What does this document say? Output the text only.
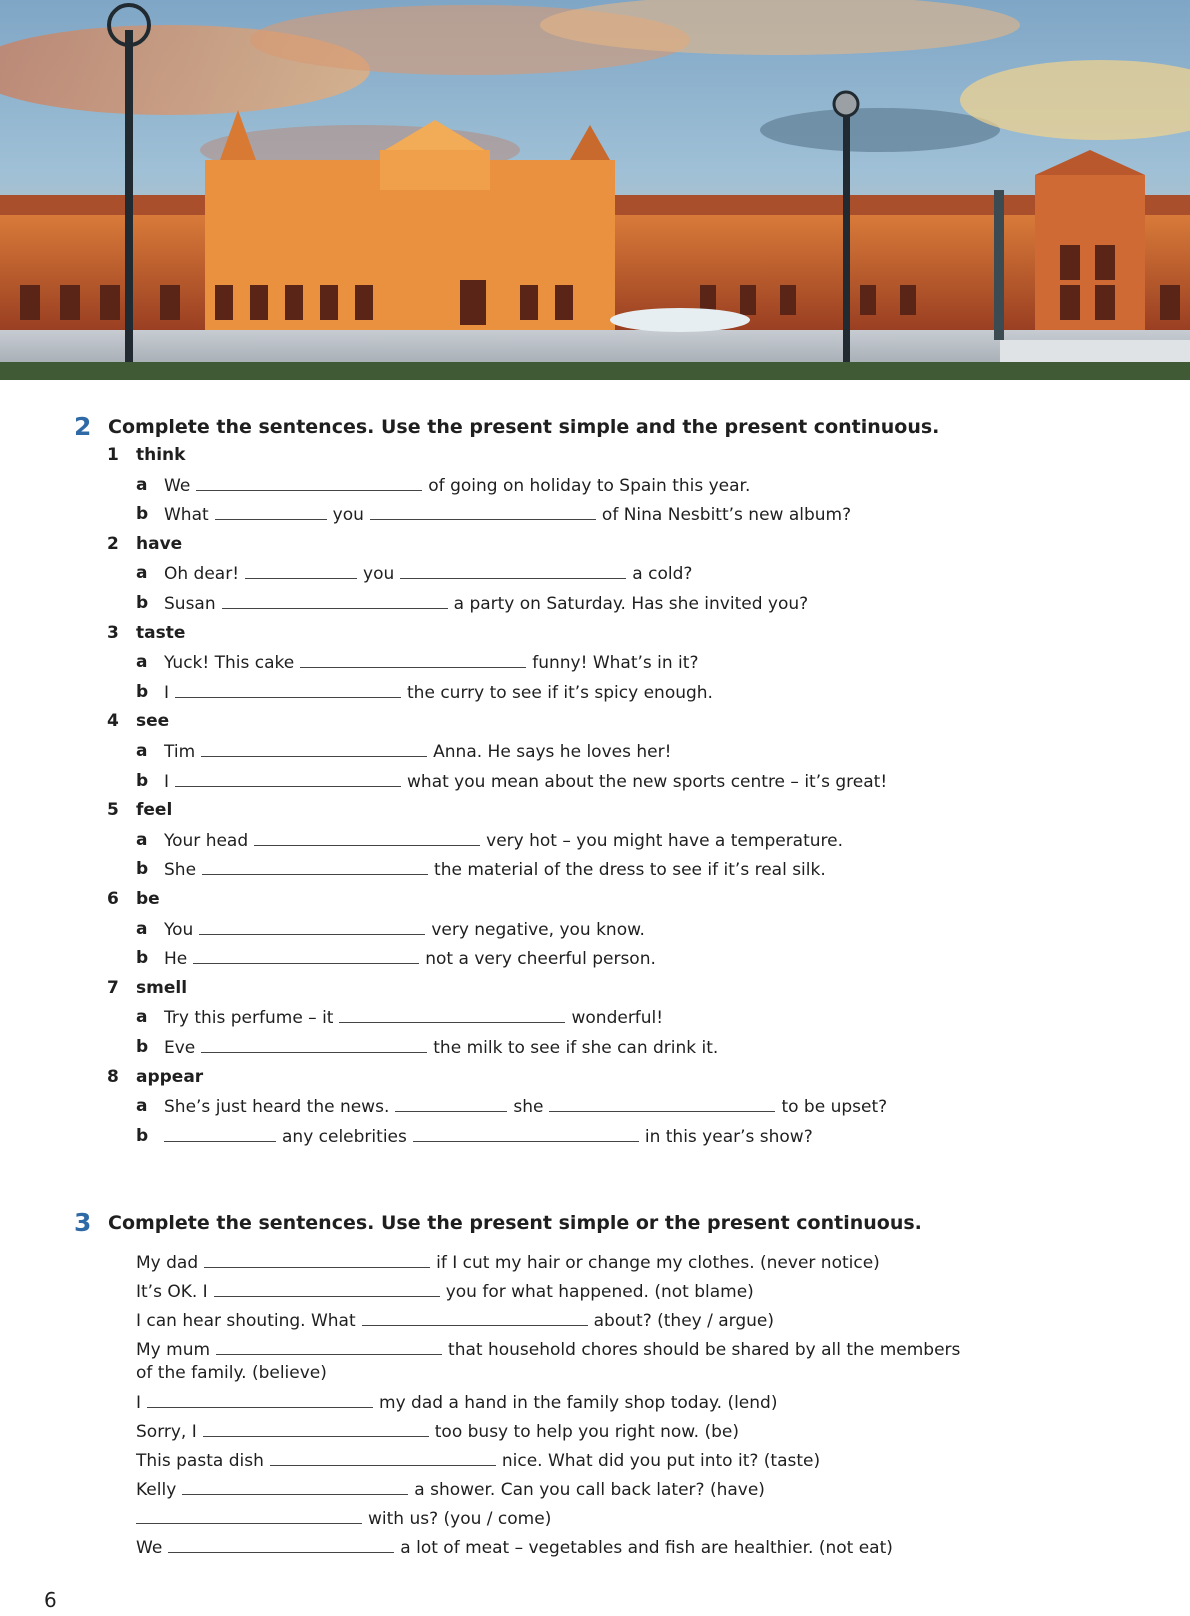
2 Complete the sentences. Use the present simple and the present continuous.
1 think
a We	of going on holiday to Spain this year.
b What	you	of Nina Nesbitt’s new album?
2 have
a Oh dear!	you	a cold?
b Susan	a party on Saturday. Has she invited you?
3 taste
a Yuck! This cake	funny! What’s in it?
b I	the curry to see if it’s spicy enough.
4 see
a Tim	Anna. He says he loves her!
b I	what you mean about the new sports centre – it’s great!
5 feel
a Your head	very hot – you might have a temperature.
b She	the material of the dress to see if it’s real silk.
6 be
a You	very negative, you know.
b He	not a very cheerful person.
7 smell
a Try this perfume – it	wonderful!
b Eve	the milk to see if she can drink it.
8 appear
a She’s just heard the news.	she	to be upset?
b	any celebrities	in this year’s show?
3 Complete the sentences. Use the present simple or the present continuous.
My dad	if I cut my hair or change my clothes. (never notice)
It’s OK. I	you for what happened. (not blame)
I can hear shouting. What	about? (they / argue)
My mum	that household chores should be shared by all the members
of the family. (believe)
I	my dad a hand in the family shop today. (lend)
Sorry, I	too busy to help you right now. (be)
This pasta dish	nice. What did you put into it? (taste)
Kelly	a shower. Can you call back later? (have)
with us? (you / come)
We	a lot of meat – vegetables and fish are healthier. (not eat)
6
